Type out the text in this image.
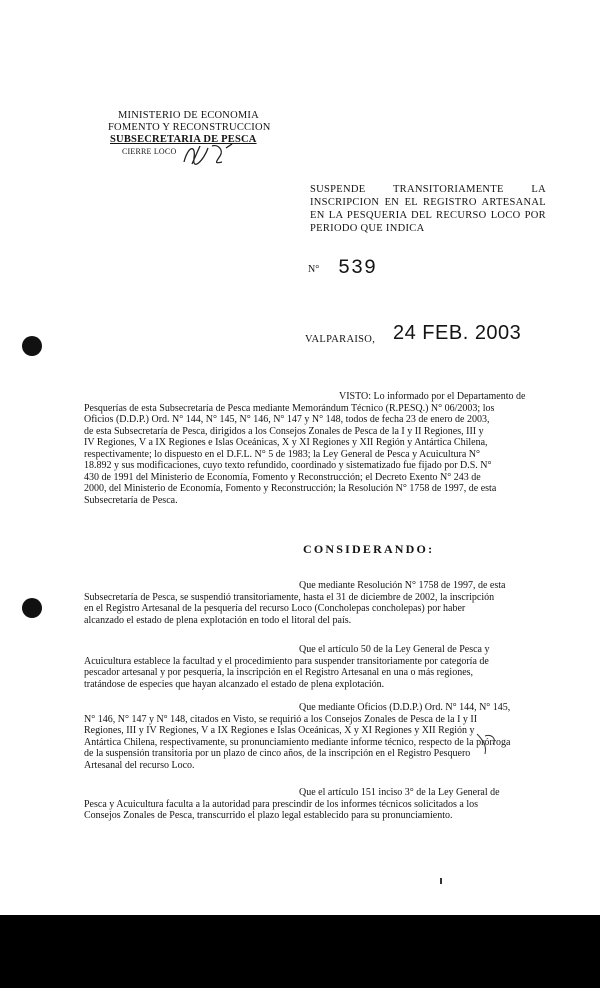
MINISTERIO DE ECONOMIA
FOMENTO Y RECONSTRUCCION
SUBSECRETARIA DE PESCA
CIERRE LOCO
SUSPENDE TRANSITORIAMENTE LA
INSCRIPCION EN EL REGISTRO ARTESANAL
EN LA PESQUERIA DEL RECURSO LOCO POR
PERIODO QUE INDICA
N° 539
VALPARAISO, 24 FEB. 2003
VISTO: Lo informado por el Departamento de
Pesquerías de esta Subsecretaría de Pesca mediante Memorándum Técnico (R.PESQ.) N° 06/2003; los
Oficios (D.D.P.) Ord. N° 144, N° 145, N° 146, N° 147 y N° 148, todos de fecha 23 de enero de 2003,
de esta Subsecretaría de Pesca, dirigidos a los Consejos Zonales de Pesca de la I y II Regiones, III y
IV Regiones, V a IX Regiones e Islas Oceánicas, X y XI Regiones y XII Región y Antártica Chilena,
respectivamente; lo dispuesto en el D.F.L. N° 5 de 1983; la Ley General de Pesca y Acuicultura N°
18.892 y sus modificaciones, cuyo texto refundido, coordinado y sistematizado fue fijado por D.S. N°
430 de 1991 del Ministerio de Economía, Fomento y Reconstrucción; el Decreto Exento N° 243 de
2000, del Ministerio de Economía, Fomento y Reconstrucción; la Resolución N° 1758 de 1997, de esta
Subsecretaría de Pesca.
CONSIDERANDO:
Que mediante Resolución N° 1758 de 1997, de esta
Subsecretaría de Pesca, se suspendió transitoriamente, hasta el 31 de diciembre de 2002, la inscripción
en el Registro Artesanal de la pesquería del recurso Loco (Concholepas concholepas) por haber
alcanzado el estado de plena explotación en todo el litoral del país.
Que el artículo 50 de la Ley General de Pesca y
Acuicultura establece la facultad y el procedimiento para suspender transitoriamente por categoría de
pescador artesanal y por pesquería, la inscripción en el Registro Artesanal en una o más regiones,
tratándose de especies que hayan alcanzado el estado de plena explotación.
Que mediante Oficios (D.D.P.) Ord. N° 144, N° 145,
N° 146, N° 147 y N° 148, citados en Visto, se requirió a los Consejos Zonales de Pesca de la I y II
Regiones, III y IV Regiones, V a IX Regiones e Islas Oceánicas, X y XI Regiones y XII Región y
Antártica Chilena, respectivamente, su pronunciamiento mediante informe técnico, respecto de la prórroga
de la suspensión transitoria por un plazo de cinco años, de la inscripción en el Registro Pesquero
Artesanal del recurso Loco.
Que el artículo 151 inciso 3° de la Ley General de
Pesca y Acuicultura faculta a la autoridad para prescindir de los informes técnicos solicitados a los
Consejos Zonales de Pesca, transcurrido el plazo legal establecido para su pronunciamiento.
